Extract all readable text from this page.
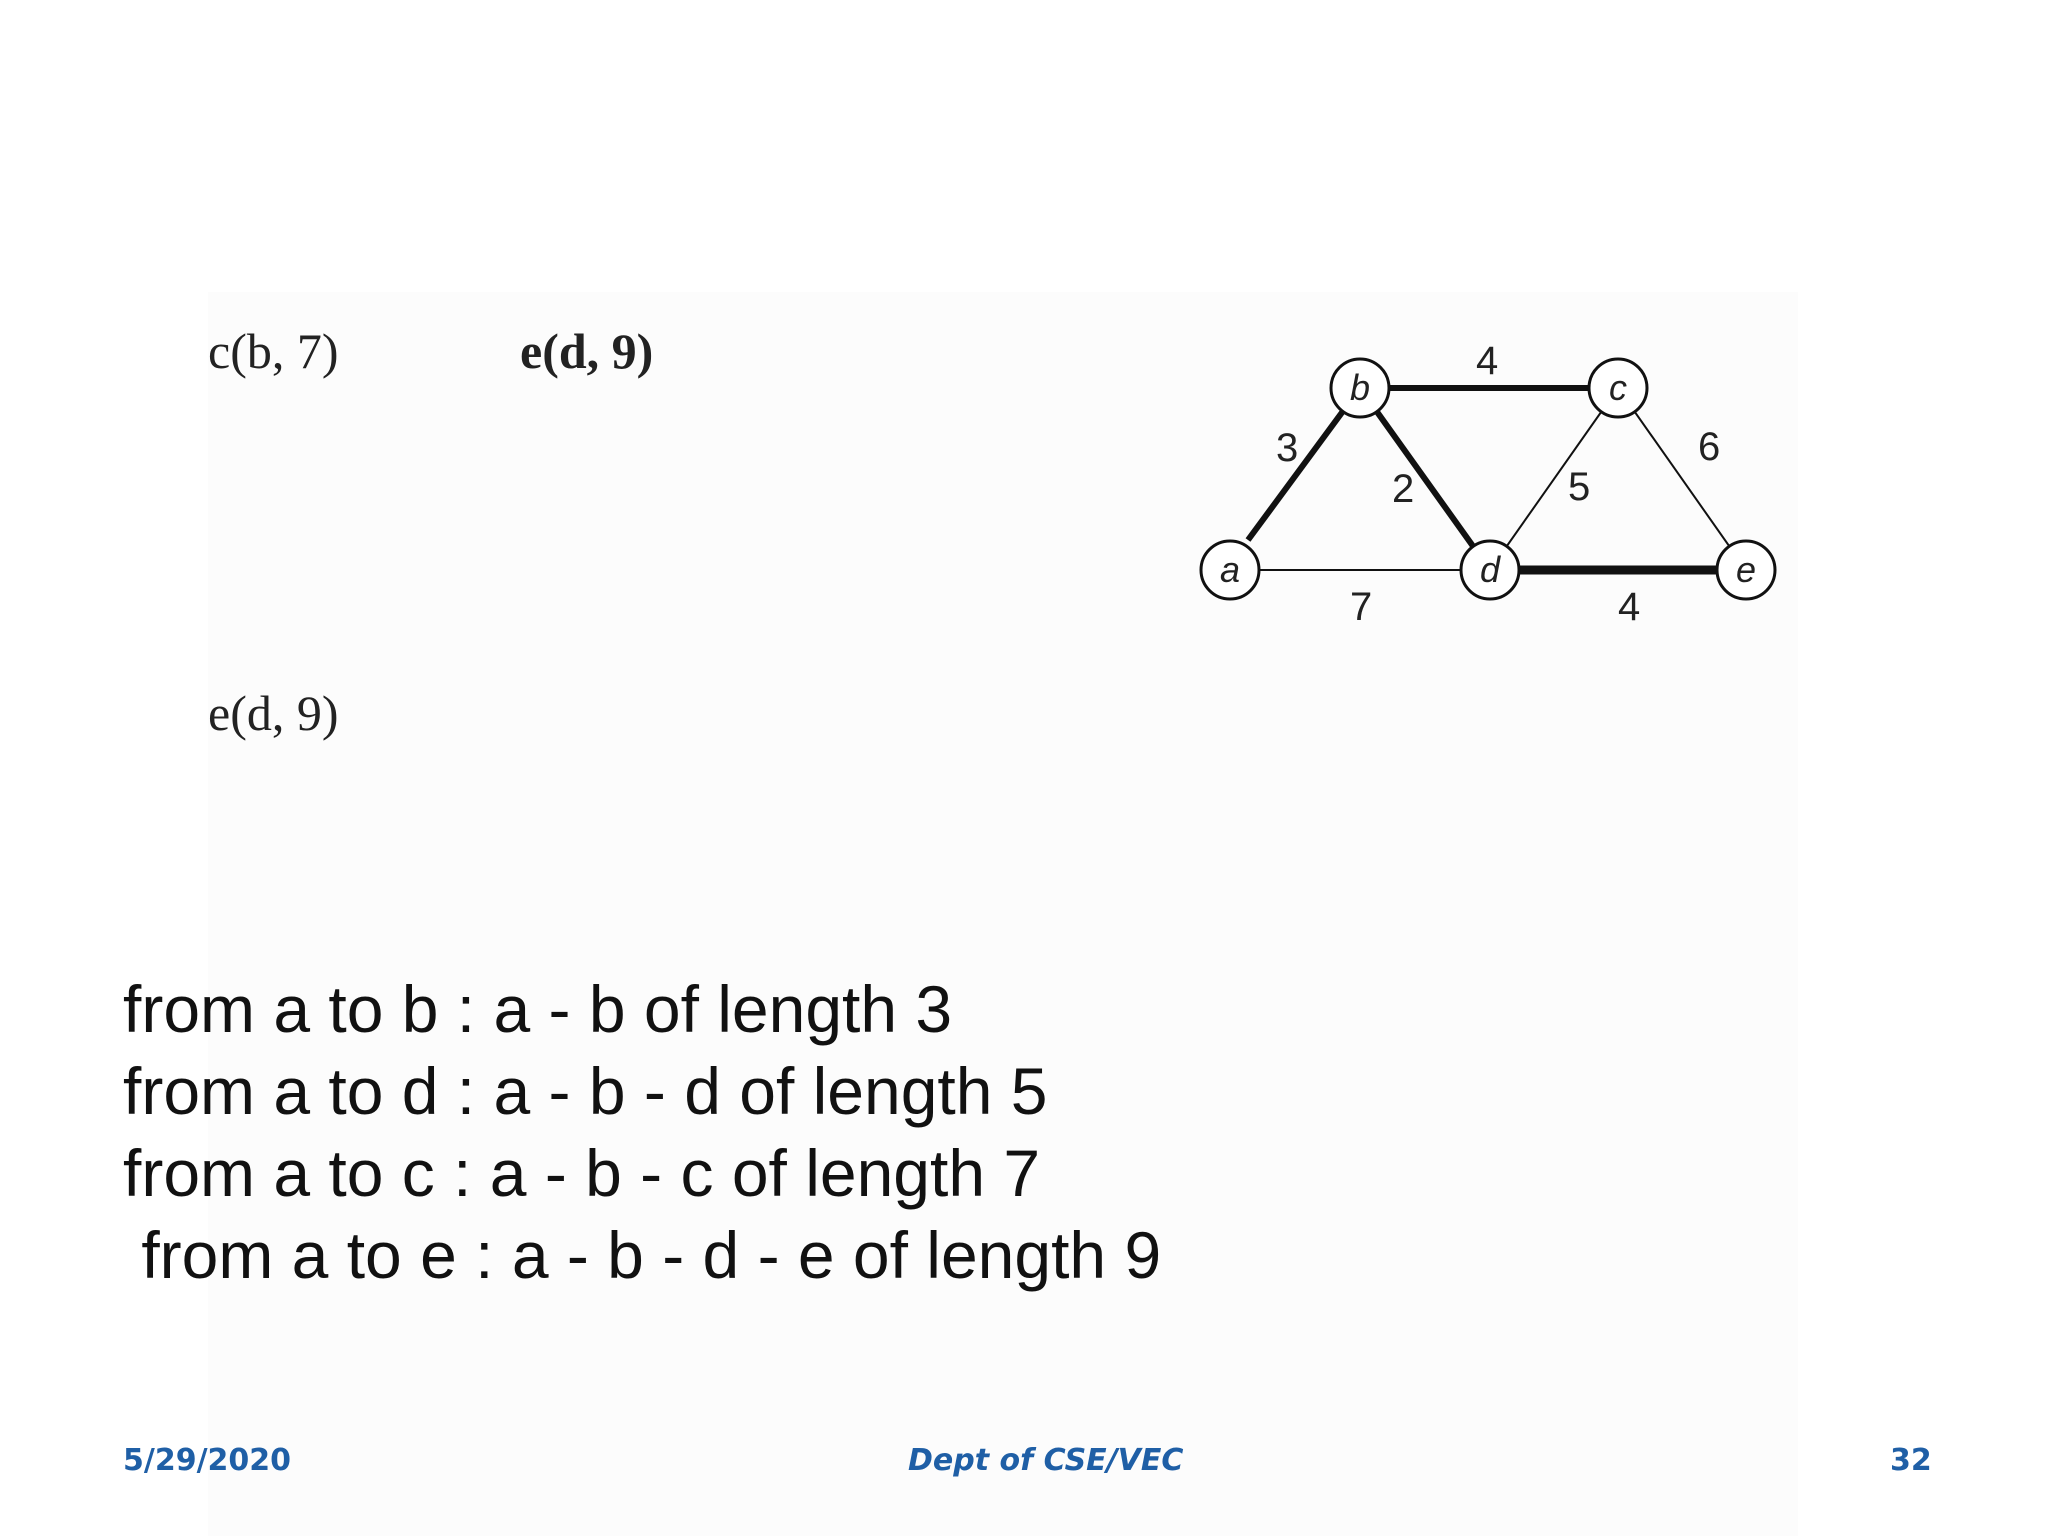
c(b, 7)	e(d, 9)
e(d, 9)
3
4
2	5
6
7	4
a
b	c
d	e
from a to b : a - b of length 3
from a to d : a - b - d of length 5
from a to c : a - b - c of length 7
from a to e : a - b - d - e of length 9
5/29/2020	Dept of CSE/VEC	32
